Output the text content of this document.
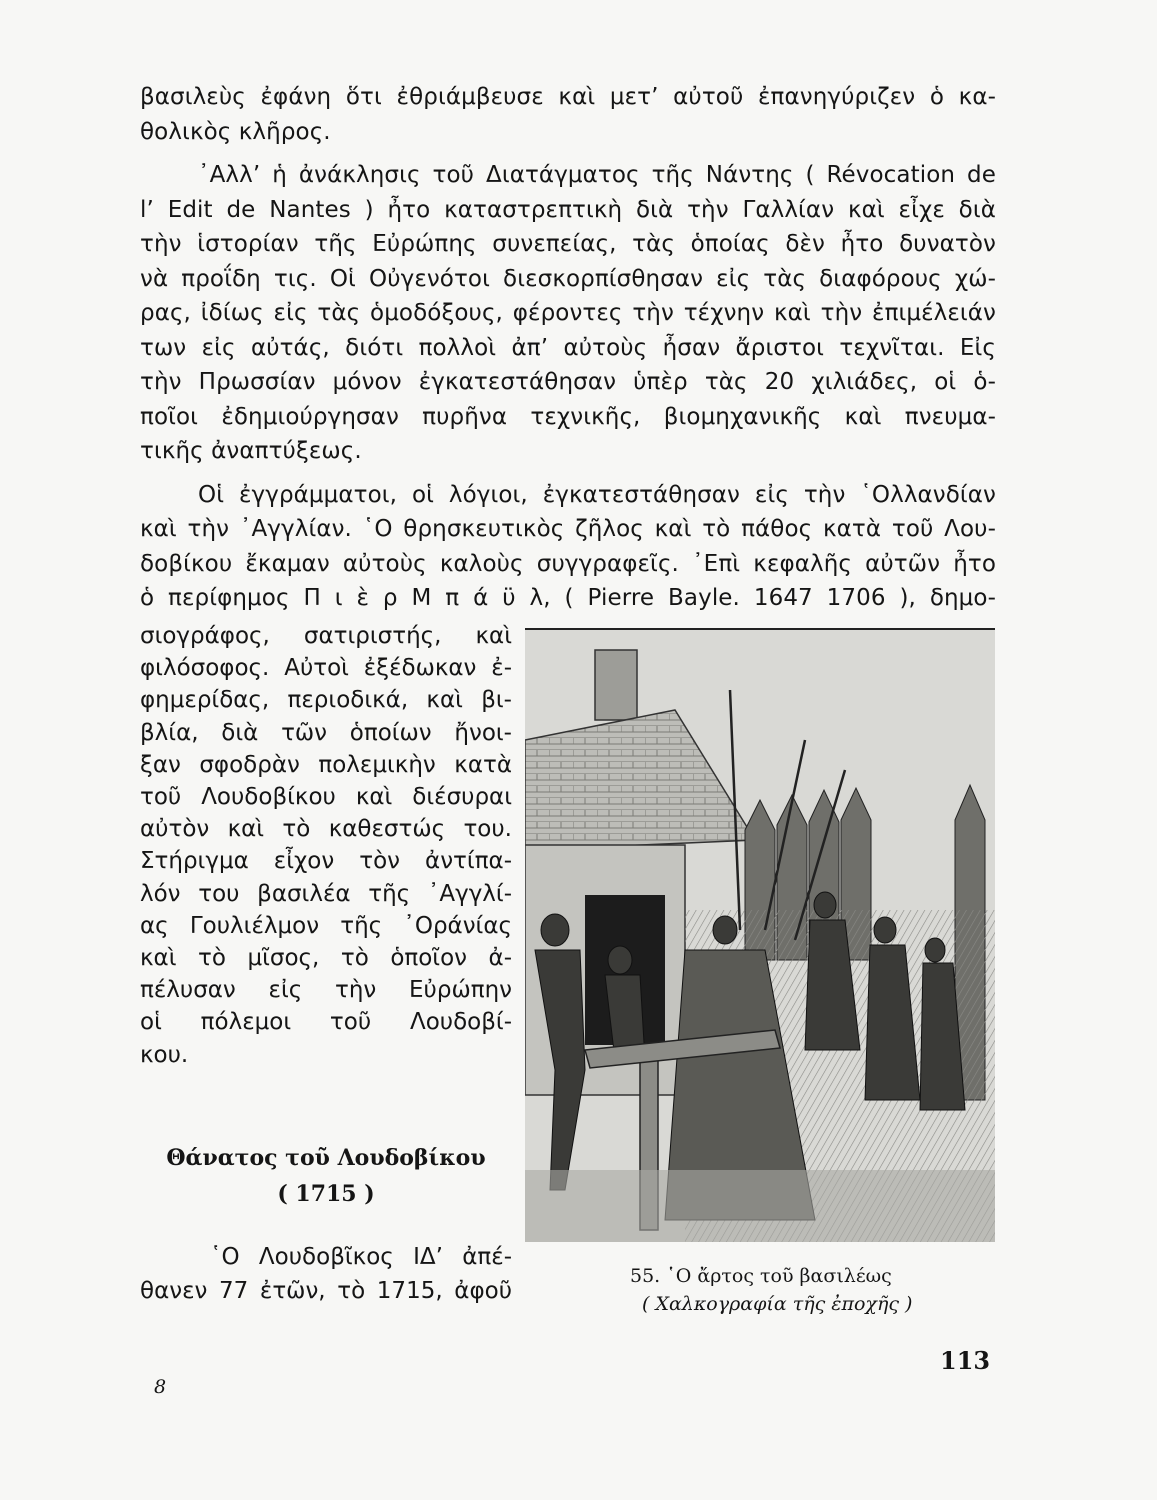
βασιλεὺς ἐφάνη ὅτι ἐθριάμβευσε καὶ μετ’ αὐτοῦ ἐπανηγύριζεν ὁ κα-
θολικὸς κλῆρος.

᾿Αλλ’ ἡ ἀνάκλησις τοῦ Διατάγματος τῆς Νάντης ( Révocation de
l’ Edit de Nantes ) ἦτο καταστρεπτικὴ διὰ τὴν Γαλλίαν καὶ εἶχε διὰ
τὴν ἱστορίαν τῆς Εὐρώπης συνεπείας, τὰς ὁποίας δὲν ἦτο δυνατὸν
νὰ προΐδη τις. Οἱ Οὐγενότοι διεσκορπίσθησαν εἰς τὰς διαφόρους χώ-
ρας, ἰδίως εἰς τὰς ὁμοδόξους, φέροντες τὴν τέχνην καὶ τὴν ἐπιμέλειάν
των εἰς αὐτάς, διότι πολλοὶ ἀπ’ αὐτοὺς ἦσαν ἄριστοι τεχνῖται. Εἰς
τὴν Πρωσσίαν μόνον ἐγκατεστάθησαν ὑπὲρ τὰς 20 χιλιάδες, οἱ ὁ-
ποῖοι ἐδημιούργησαν πυρῆνα τεχνικῆς, βιομηχανικῆς καὶ πνευμα-
τικῆς ἀναπτύξεως.

Οἱ ἐγγράμματοι, οἱ λόγιοι, ἐγκατεστάθησαν εἰς τὴν ῾Ολλανδίαν
καὶ τὴν ᾿Αγγλίαν. ῾Ο θρησκευτικὸς ζῆλος καὶ τὸ πάθος κατὰ τοῦ Λου-
δοβίκου ἔκαμαν αὐτοὺς καλοὺς συγγραφεῖς. ᾿Επὶ κεφαλῆς αὐτῶν ἦτο
ὁ περίφημος Π ι ὲ ρ Μ π ά ϋ λ, ( Pierre Bayle. 1647 1706 ), δημο-

σιογράφος, σατιριστής, καὶ
φιλόσοφος. Αὐτοὶ ἐξέδωκαν ἐ-
φημερίδας, περιοδικά, καὶ βι-
βλία, διὰ τῶν ὁποίων ἤνοι-
ξαν σφοδρὰν πολεμικὴν κατὰ
τοῦ Λουδοβίκου καὶ διέσυραι
αὐτὸν καὶ τὸ καθεστώς του.
Στήριγμα εἶχον τὸν ἀντίπα-
λόν του βασιλέα τῆς ᾿Αγγλί-
ας Γουλιέλμον τῆς ᾿Οράνίας
καὶ τὸ μῖσος, τὸ ὁποῖον ἀ-
πέλυσαν εἰς τὴν Εὐρώπην
οἱ πόλεμοι τοῦ Λουδοβί-
κου.

Θάνατος τοῦ Λουδοβίκου
( 1715 )
῾Ο Λουδοβῖκος ΙΔ’ ἀπέ-
θανεν 77 ἐτῶν, τὸ 1715, ἀφοῦ
55. ῾Ο ἄρτος τοῦ βασιλέως
( Χαλκογραφία τῆς ἐποχῆς )
113
8
